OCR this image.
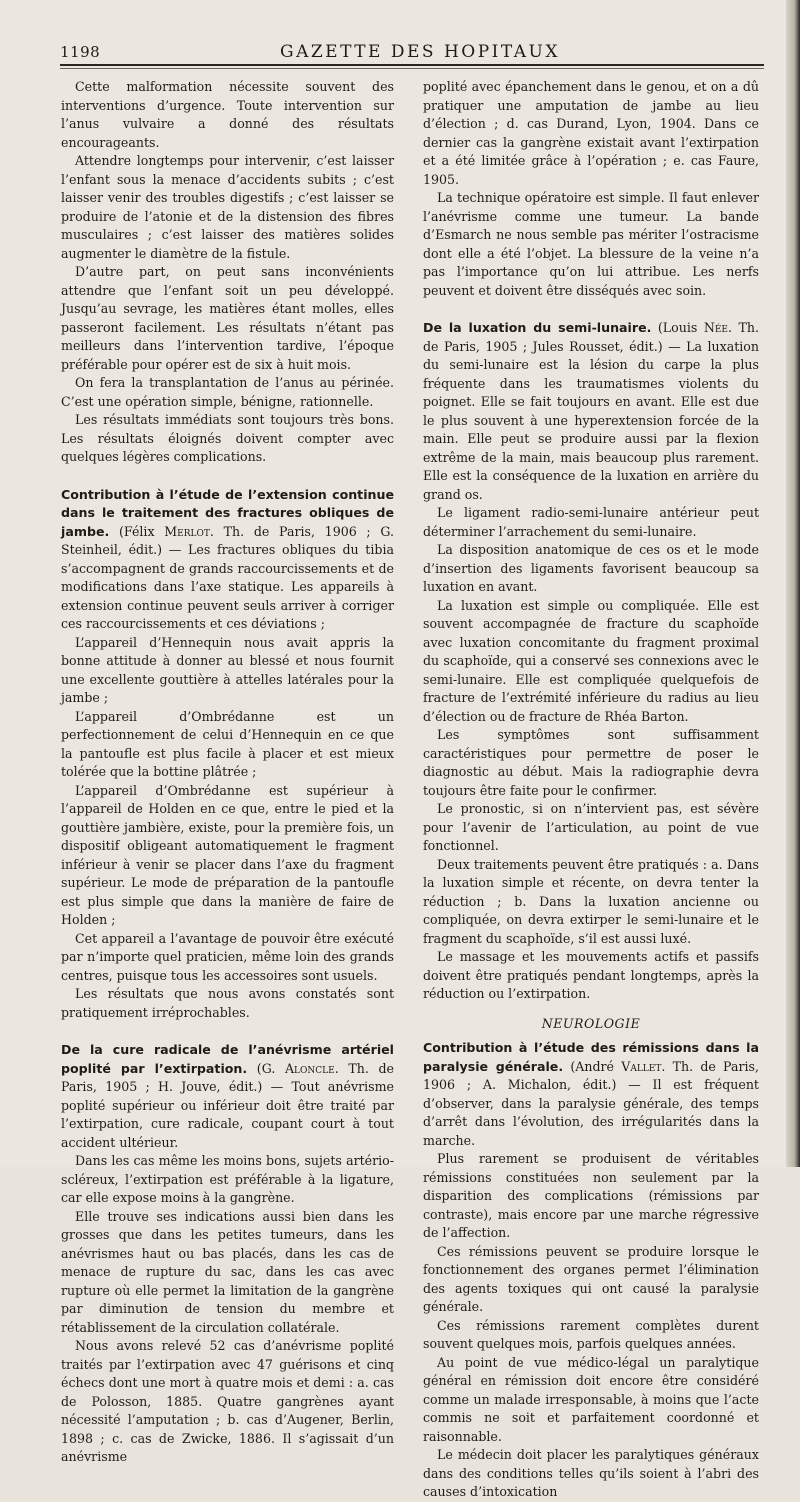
1198	GAZETTE DES HOPITAUX

Cette malformation nécessite souvent des interventions d’urgence. Toute intervention sur l’anus vulvaire a donné des résultats encourageants.

Attendre longtemps pour intervenir, c’est laisser l’enfant sous la menace d’accidents subits ; c’est laisser venir des troubles digestifs ; c’est laisser se produire de l’atonie et de la distension des fibres musculaires ; c’est laisser des matières solides augmenter le diamètre de la fistule.

D’autre part, on peut sans inconvénients attendre que l’enfant soit un peu développé. Jusqu’au sevrage, les matières étant molles, elles passeront facilement. Les résultats n’étant pas meilleurs dans l’intervention tardive, l’époque préférable pour opérer est de six à huit mois.

On fera la transplantation de l’anus au périnée. C’est une opération simple, bénigne, rationnelle.

Les résultats immédiats sont toujours très bons. Les résultats éloignés doivent compter avec quelques légères complications.

Contribution à l’étude de l’extension continue dans le traitement des fractures obliques de jambe. (Félix Merlot. Th. de Paris, 1906 ; G. Steinheil, édit.) — Les fractures obliques du tibia s’accompagnent de grands raccourcissements et de modifications dans l’axe statique. Les appareils à extension continue peuvent seuls arriver à corriger ces raccourcissements et ces déviations ;

L’appareil d’Hennequin nous avait appris la bonne attitude à donner au blessé et nous fournit une excellente gouttière à attelles latérales pour la jambe ;

L’appareil d’Ombrédanne est un perfectionnement de celui d’Hennequin en ce que la pantoufle est plus facile à placer et est mieux tolérée que la bottine plâtrée ;

L’appareil d’Ombrédanne est supérieur à l’appareil de Holden en ce que, entre le pied et la gouttière jambière, existe, pour la première fois, un dispositif obligeant automatiquement le fragment inférieur à venir se placer dans l’axe du fragment supérieur. Le mode de préparation de la pantoufle est plus simple que dans la manière de faire de Holden ;

Cet appareil a l’avantage de pouvoir être exécuté par n’importe quel praticien, même loin des grands centres, puisque tous les accessoires sont usuels.

Les résultats que nous avons constatés sont pratiquement irréprochables.

De la cure radicale de l’anévrisme artériel poplité par l’extirpation. (G. Aloncle. Th. de Paris, 1905 ; H. Jouve, édit.) — Tout anévrisme poplité supérieur ou inférieur doit être traité par l’extirpation, cure radicale, coupant court à tout accident ultérieur.

Dans les cas même les moins bons, sujets artério-scléreux, l’extirpation est préférable à la ligature, car elle expose moins à la gangrène.

Elle trouve ses indications aussi bien dans les grosses que dans les petites tumeurs, dans les anévrismes haut ou bas placés, dans les cas de menace de rupture du sac, dans les cas avec rupture où elle permet la limitation de la gangrène par diminution de tension du membre et rétablissement de la circulation collatérale.

Nous avons relevé 52 cas d’anévrisme poplité traités par l’extirpation avec 47 guérisons et cinq échecs dont une mort à quatre mois et demi : a. cas de Polosson, 1885. Quatre gangrènes ayant nécessité l’amputation ; b. cas d’Augener, Berlin, 1898 ; c. cas de Zwicke, 1886. Il s’agissait d’un anévrisme

poplité avec épanchement dans le genou, et on a dû pratiquer une amputation de jambe au lieu d’élection ; d. cas Durand, Lyon, 1904. Dans ce dernier cas la gangrène existait avant l’extirpation et a été limitée grâce à l’opération ; e. cas Faure, 1905.

La technique opératoire est simple. Il faut enlever l’anévrisme comme une tumeur. La bande d’Esmarch ne nous semble pas mériter l’ostracisme dont elle a été l’objet. La blessure de la veine n’a pas l’importance qu’on lui attribue. Les nerfs peuvent et doivent être disséqués avec soin.

De la luxation du semi-lunaire. (Louis Née. Th. de Paris, 1905 ; Jules Rousset, édit.) — La luxation du semi-lunaire est la lésion du carpe la plus fréquente dans les traumatismes violents du poignet. Elle se fait toujours en avant. Elle est due le plus souvent à une hyperextension forcée de la main. Elle peut se produire aussi par la flexion extrême de la main, mais beaucoup plus rarement. Elle est la conséquence de la luxation en arrière du grand os.

Le ligament radio-semi-lunaire antérieur peut déterminer l’arrachement du semi-lunaire.

La disposition anatomique de ces os et le mode d’insertion des ligaments favorisent beaucoup sa luxation en avant.

La luxation est simple ou compliquée. Elle est souvent accompagnée de fracture du scaphoïde avec luxation concomitante du fragment proximal du scaphoïde, qui a conservé ses connexions avec le semi-lunaire. Elle est compliquée quelquefois de fracture de l’extrémité inférieure du radius au lieu d’élection ou de fracture de Rhéa Barton.

Les symptômes sont suffisamment caractéristiques pour permettre de poser le diagnostic au début. Mais la radiographie devra toujours être faite pour le confirmer.

Le pronostic, si on n’intervient pas, est sévère pour l’avenir de l’articulation, au point de vue fonctionnel.

Deux traitements peuvent être pratiqués : a. Dans la luxation simple et récente, on devra tenter la réduction ; b. Dans la luxation ancienne ou compliquée, on devra extirper le semi-lunaire et le fragment du scaphoïde, s’il est aussi luxé.

Le massage et les mouvements actifs et passifs doivent être pratiqués pendant longtemps, après la réduction ou l’extirpation.

NEUROLOGIE

Contribution à l’étude des rémissions dans la paralysie générale. (André Vallet. Th. de Paris, 1906 ; A. Michalon, édit.) — Il est fréquent d’observer, dans la paralysie générale, des temps d’arrêt dans l’évolution, des irrégularités dans la marche.

Plus rarement se produisent de véritables rémissions constituées non seulement par la disparition des complications (rémissions par contraste), mais encore par une marche régressive de l’affection.

Ces rémissions peuvent se produire lorsque le fonctionnement des organes permet l’élimination des agents toxiques qui ont causé la paralysie générale.

Ces rémissions rarement complètes durent souvent quelques mois, parfois quelques années.

Au point de vue médico-légal un paralytique général en rémission doit encore être considéré comme un malade irresponsable, à moins que l’acte commis ne soit et parfaitement coordonné et raisonnable.

Le médecin doit placer les paralytiques généraux dans des conditions telles qu’ils soient à l’abri des causes d’intoxication
